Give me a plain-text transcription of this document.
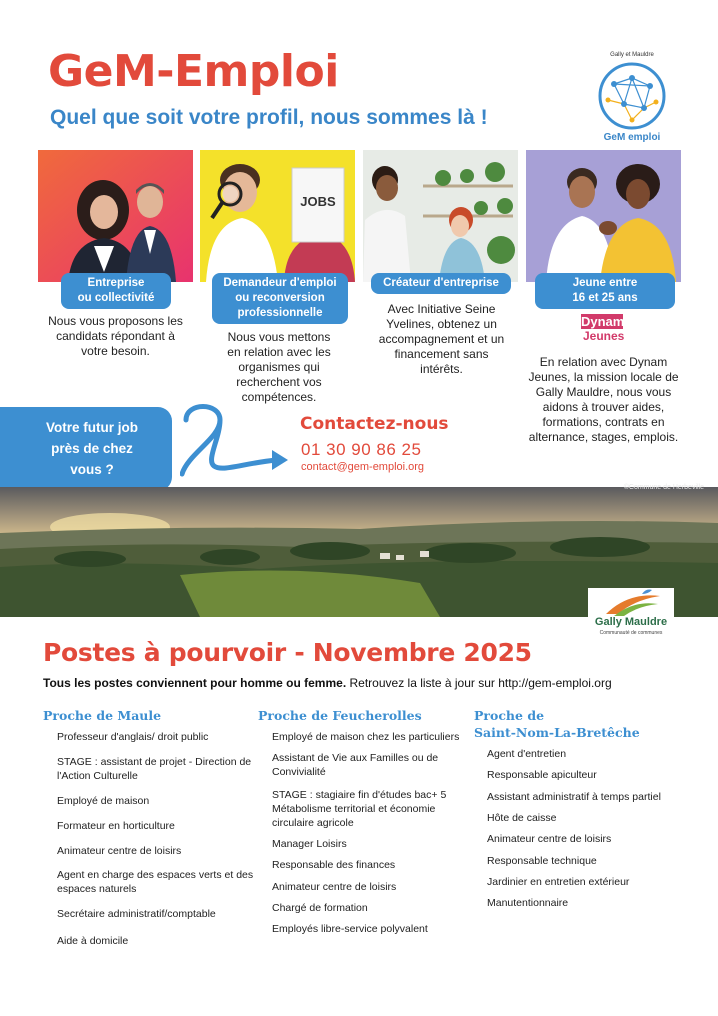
GeM-Emploi
Quel que soit votre profil, nous sommes là !
Gally et Mauldre
GeM emploi
Entreprise
ou collectivité
Nous vous proposons les candidats répondant à votre besoin.
JOBS
Demandeur d'emploi
ou reconversion
professionnelle
Nous vous mettons en relation avec les organismes qui recherchent vos compétences.
Créateur d'entreprise
Avec Initiative Seine Yvelines, obtenez un accompagnement et un financement sans intérêts.
Jeune entre
16 et 25 ans
Dynam
Jeunes
En relation avec Dynam Jeunes, la mission locale de Gally Mauldre, nous vous aidons à trouver aides, formations, contrats en alternance, stages, emplois.
Votre futur job
près de chez
vous ?
Contactez-nous
01 30 90 86 25
contact@gem-emploi.org
©Commune de Herbeville
Gally Mauldre
Communauté de communes
Postes à pourvoir - Novembre 2025
Tous les postes conviennent pour homme ou femme. Retrouvez la liste à jour sur http://gem-emploi.org
Proche de Maule
Professeur d'anglais/ droit public
STAGE : assistant de projet - Direction de
l'Action Culturelle
Employé de maison
Formateur en horticulture
Animateur centre de loisirs
Agent en charge des espaces verts et des
espaces naturels
Secrétaire administratif/comptable
Aide à domicile
Proche de Feucherolles
Employé de maison chez les particuliers
Assistant de Vie aux Familles ou de
Convivialité
STAGE : stagiaire fin d'études bac+ 5
Métabolisme territorial et économie
circulaire agricole
Manager Loisirs
Responsable des finances
Animateur centre de loisirs
Chargé de formation
Employés libre-service polyvalent
Proche de
Saint-Nom-La-Bretêche
Agent d'entretien
Responsable apiculteur
Assistant administratif à temps partiel
Hôte de caisse
Animateur centre de loisirs
Responsable technique
Jardinier en entretien extérieur
Manutentionnaire
